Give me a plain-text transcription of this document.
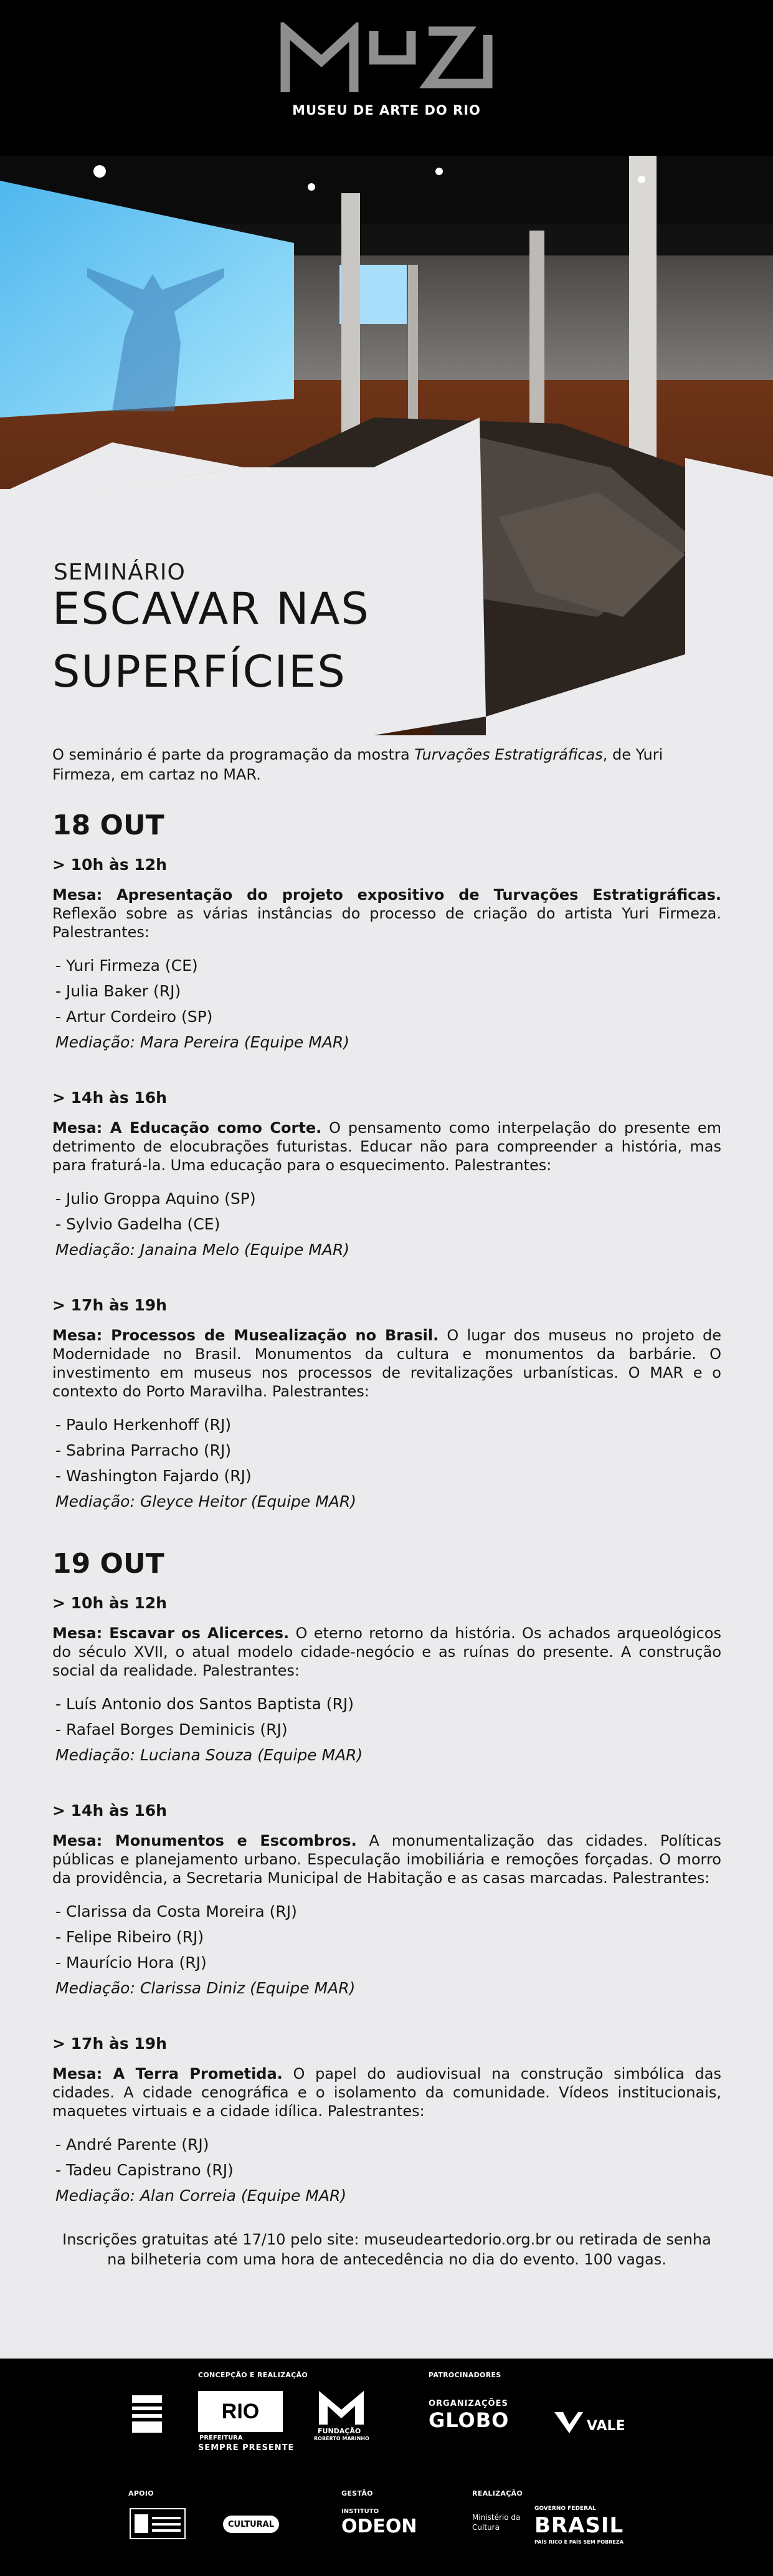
MUSEU DE ARTE DO RIO
SEMINÁRIO
ESCAVAR NAS
SUPERFÍCIES

O seminário é parte da programação da mostra Turvações Estratigráficas, de Yuri Firmeza, em cartaz no MAR.

18 OUT
> 10h às 12h

Mesa: Apresentação do projeto expositivo de Turvações Estratigráficas. Reflexão sobre as várias instâncias do processo de criação do artista Yuri Firmeza. Palestrantes:

- Yuri Firmeza (CE)
- Julia Baker (RJ)
- Artur Cordeiro (SP)
Mediação: Mara Pereira (Equipe MAR)
> 14h às 16h

Mesa: A Educação como Corte. O pensamento como interpelação do presente em detrimento de elocubrações futuristas. Educar não para compreender a história, mas para fraturá-la. Uma educação para o esquecimento. Palestrantes:

- Julio Groppa Aquino (SP)
- Sylvio Gadelha (CE)
Mediação: Janaina Melo (Equipe MAR)
> 17h às 19h

Mesa: Processos de Musealização no Brasil. O lugar dos museus no projeto de Modernidade no Brasil. Monumentos da cultura e monumentos da barbárie. O investimento em museus nos processos de revitalizações urbanísticas. O MAR e o contexto do Porto Maravilha. Palestrantes:

- Paulo Herkenhoff (RJ)
- Sabrina Parracho (RJ)
- Washington Fajardo (RJ)
Mediação: Gleyce Heitor (Equipe MAR)
19 OUT
> 10h às 12h

Mesa: Escavar os Alicerces. O eterno retorno da história. Os achados arqueológicos do século XVII, o atual modelo cidade-negócio e as ruínas do presente. A construção social da realidade. Palestrantes:

- Luís Antonio dos Santos Baptista (RJ)
- Rafael Borges Deminicis (RJ)
Mediação: Luciana Souza (Equipe MAR)
> 14h às 16h

Mesa: Monumentos e Escombros. A monumentalização das cidades. Políticas públicas e planejamento urbano. Especulação imobiliária e remoções forçadas. O morro da providência, a Secretaria Municipal de Habitação e as casas marcadas. Palestrantes:

- Clarissa da Costa Moreira (RJ)
- Felipe Ribeiro (RJ)
- Maurício Hora (RJ)
Mediação: Clarissa Diniz (Equipe MAR)
> 17h às 19h

Mesa: A Terra Prometida. O papel do audiovisual na construção simbólica das cidades. A cidade cenográfica e o isolamento da comunidade. Vídeos institucionais, maquetes virtuais e a cidade idílica. Palestrantes:

- André Parente (RJ)
- Tadeu Capistrano (RJ)
Mediação: Alan Correia (Equipe MAR)

Inscrições gratuitas até 17/10 pelo site: museudeartedorio.org.br ou retirada de senha
na bilheteria com uma hora de antecedência no dia do evento. 100 vagas.

CONCEPÇÃO E REALIZAÇÃO	PATROCINADORES
RIO
PREFEITURA
SEMPRE PRESENTE
FUNDAÇÃO
ROBERTO MARINHO
ORGANIZAÇÕES
GLOBO	VALE
APOIO	GESTÃO	REALIZAÇÃO
CULTURAL
INSTITUTO
ODEON	Ministério da
Cultura
GOVERNO FEDERAL
BRASIL
PAÍS RICO É PAÍS SEM POBREZA
